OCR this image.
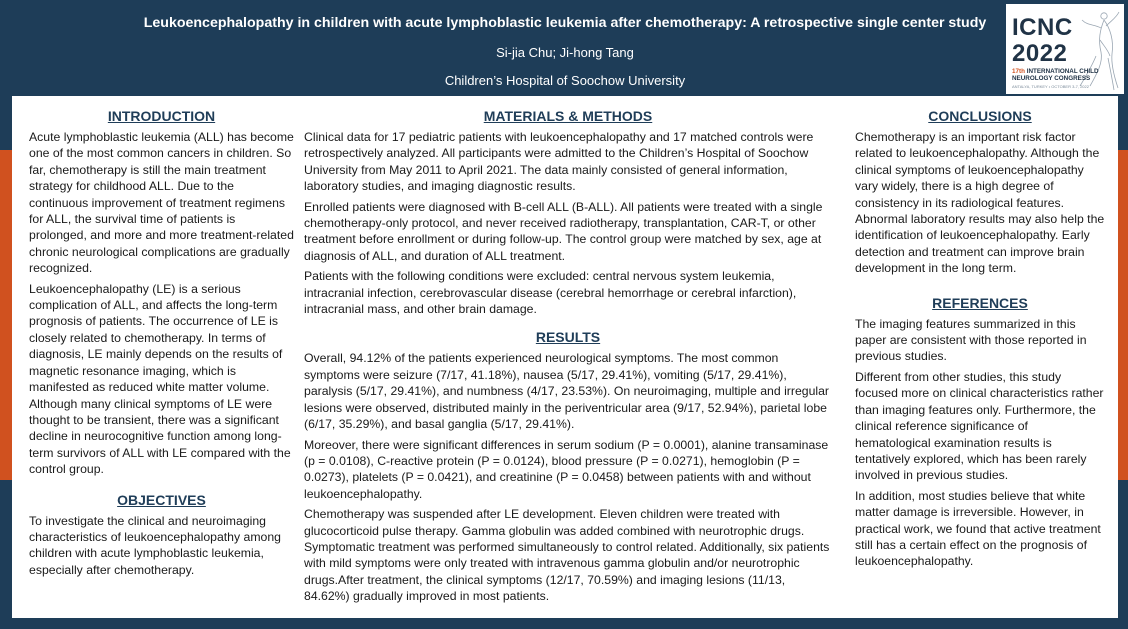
Leukoencephalopathy in children with acute lymphoblastic leukemia after chemotherapy: A retrospective single center study
Si-jia Chu; Ji-hong Tang
Children’s Hospital of Soochow University
ICNC
2022
17th INTERNATIONAL CHILD
NEUROLOGY CONGRESS
ANTALYA, TURKEY • OCTOBER 3-7, 2022
INTRODUCTION

Acute lymphoblastic leukemia (ALL) has become one of the most common cancers in children. So far, chemotherapy is still the main treatment strategy for childhood ALL. Due to the continuous improvement of treatment regimens for ALL, the survival time of patients is prolonged, and more and more treatment-related chronic neurological complications are gradually recognized.

Leukoencephalopathy (LE) is a serious complication of ALL, and affects the long-term prognosis of patients. The occurrence of LE is closely related to chemotherapy. In terms of diagnosis, LE mainly depends on the results of magnetic resonance imaging, which is manifested as reduced white matter volume. Although many clinical symptoms of LE were thought to be transient, there was a significant decline in neurocognitive function among long-term survivors of ALL with LE compared with the control group.

OBJECTIVES

To investigate the clinical and neuroimaging characteristics of leukoencephalopathy among children with acute lymphoblastic leukemia, especially after chemotherapy.

MATERIALS & METHODS

Clinical data for 17 pediatric patients with leukoencephalopathy and 17 matched controls were retrospectively analyzed. All participants were admitted to the Children’s Hospital of Soochow University from May 2011 to April 2021. The data mainly consisted of general information, laboratory studies, and imaging diagnostic results.

Enrolled patients were diagnosed with B-cell ALL (B-ALL). All patients were treated with a single chemotherapy-only protocol, and never received radiotherapy, transplantation, CAR-T, or other treatment before enrollment or during follow-up. The control group were matched by sex, age at diagnosis of ALL, and duration of ALL treatment.

Patients with the following conditions were excluded: central nervous system leukemia, intracranial infection, cerebrovascular disease (cerebral hemorrhage or cerebral infarction), intracranial mass, and other brain damage.

RESULTS

Overall, 94.12% of the patients experienced neurological symptoms. The most common symptoms were seizure (7/17, 41.18%), nausea (5/17, 29.41%), vomiting (5/17, 29.41%), paralysis (5/17, 29.41%), and numbness (4/17, 23.53%). On neuroimaging, multiple and irregular lesions were observed, distributed mainly in the periventricular area (9/17, 52.94%), parietal lobe (6/17, 35.29%), and basal ganglia (5/17, 29.41%).

Moreover, there were significant differences in serum sodium (P = 0.0001), alanine transaminase (p = 0.0108), C-reactive protein (P = 0.0124), blood pressure (P = 0.0271), hemoglobin (P = 0.0273), platelets (P = 0.0421), and creatinine (P = 0.0458) between patients with and without leukoencephalopathy.

Chemotherapy was suspended after LE development. Eleven children were treated with glucocorticoid pulse therapy. Gamma globulin was added combined with neurotrophic drugs. Symptomatic treatment was performed simultaneously to control related. Additionally, six patients with mild symptoms were only treated with intravenous gamma globulin and/or neurotrophic drugs.After treatment, the clinical symptoms (12/17, 70.59%) and imaging lesions (11/13, 84.62%) gradually improved in most patients.

CONCLUSIONS

Chemotherapy is an important risk factor related to leukoencephalopathy. Although the clinical symptoms of leukoencephalopathy vary widely, there is a high degree of consistency in its radiological features. Abnormal laboratory results may also help the identification of leukoencephalopathy. Early detection and treatment can improve brain development in the long term.

REFERENCES

The imaging features summarized in this paper are consistent with those reported in previous studies.

Different from other studies, this study focused more on clinical characteristics rather than imaging features only. Furthermore, the clinical reference significance of hematological examination results is tentatively explored, which has been rarely involved in previous studies.

In addition, most studies believe that white matter damage is irreversible. However, in practical work, we found that active treatment still has a certain effect on the prognosis of leukoencephalopathy.
